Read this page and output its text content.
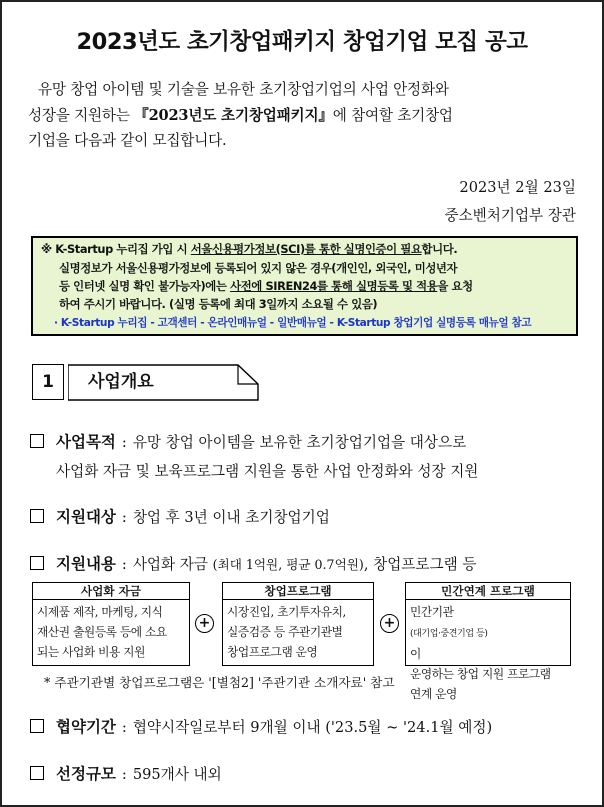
2023년도 초기창업패키지 창업기업 모집 공고
유망 창업 아이템 및 기술을 보유한 초기창업기업의 사업 안정화와
성장을 지원하는 『2023년도 초기창업패키지』에 참여할 초기창업
기업을 다음과 같이 모집합니다.
2023년 2월 23일
중소벤처기업부 장관
※ K-Startup 누리집 가입 시 서울신용평가정보(SCI)를 통한 실명인증이 필요합니다.
실명정보가 서울신용평가정보에 등록되어 있지 않은 경우(개인인, 외국인, 미성년자
등 인터넷 실명 확인 불가능자)에는 사전에 SIREN24를 통해 실명등록 및 적용을 요청
하여 주시기 바랍니다. (실명 등록에 최대 3일까지 소요될 수 있음)
· K-Startup 누리집 - 고객센터 - 온라인매뉴얼 - 일반매뉴얼 - K-Startup 창업기업 실명등록 매뉴얼 참고
1	사업개요
사업목적 : 유망 창업 아이템을 보유한 초기창업기업을 대상으로
사업화 자금 및 보육프로그램 지원을 통한 사업 안정화와 성장 지원
지원대상 : 창업 후 3년 이내 초기창업기업
지원내용 : 사업화 자금 (최대 1억원, 평균 0.7억원), 창업프로그램 등
사업화 자금
시제품 제작, 마케팅, 지식
재산권 출원등록 등에 소요
되는 사업화 비용 지원
+
창업프로그램
시장진입, 초기투자유치,
실증검증 등 주관기관별
창업프로그램 운영
+
민간연계 프로그램
민간기관
(대기업·중견기업 등)
이
운영하는 창업 지원 프로그램
연계 운영
* 주관기관별 창업프로그램은 '[별첨2] '주관기관 소개자료' 참고
협약기간 : 협약시작일로부터 9개월 이내 ('23.5월 ~ '24.1월 예정)
선정규모 : 595개사 내외
